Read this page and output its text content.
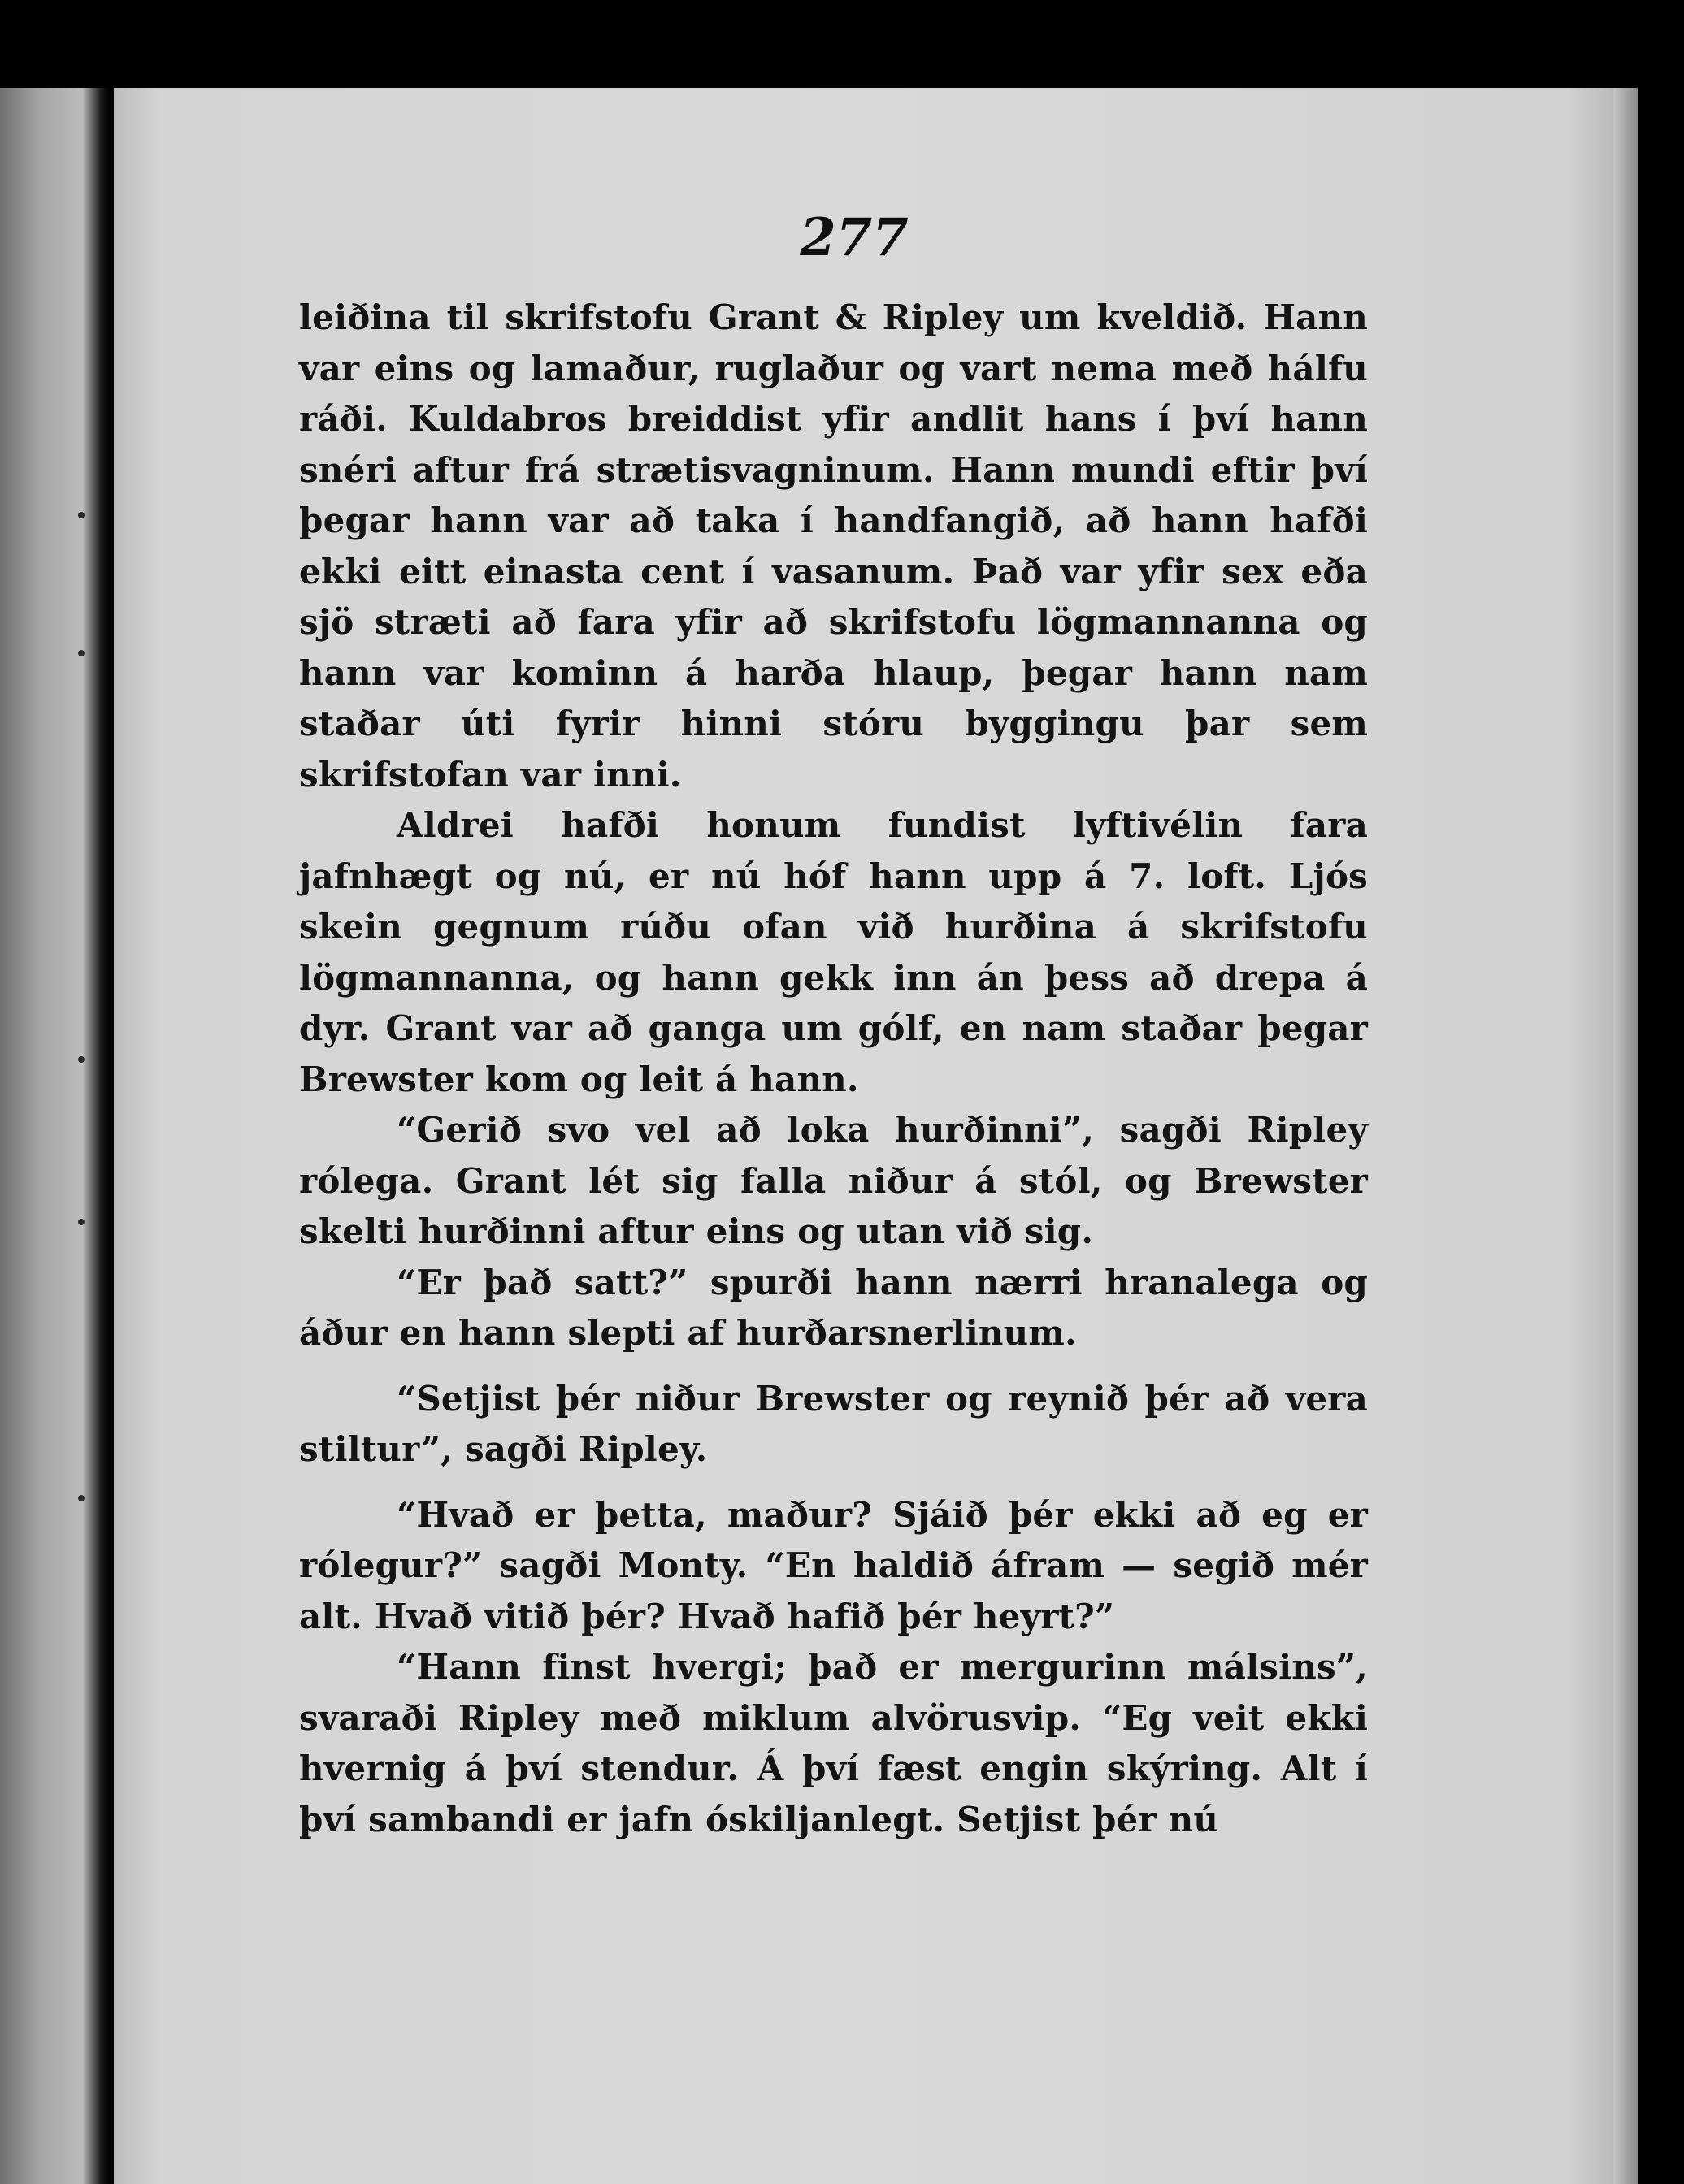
277

leiðina til skrifstofu Grant & Ripley um kveldið. Hann var eins og lamaður, ruglaður og vart nema með hálfu ráði. Kuldabros breiddist yfir andlit hans í því hann snéri aftur frá strætisvagninum. Hann mundi eftir því þegar hann var að taka í handfangið, að hann hafði ekki eitt einasta cent í vasanum. Það var yfir sex eða sjö stræti að fara yfir að skrifstofu lögmannanna og hann var kominn á harða hlaup, þegar hann nam staðar úti fyrir hinni stóru byggingu þar sem skrifstofan var inni.

Aldrei hafði honum fundist lyftivélin fara jafnhægt og nú, er nú hóf hann upp á 7. loft. Ljós skein gegnum rúðu ofan við hurðina á skrifstofu lögmannanna, og hann gekk inn án þess að drepa á dyr. Grant var að ganga um gólf, en nam staðar þegar Brewster kom og leit á hann.

“Gerið svo vel að loka hurðinni”, sagði Ripley rólega. Grant lét sig falla niður á stól, og Brewster skelti hurðinni aftur eins og utan við sig.

“Er það satt?” spurði hann nærri hranalega og áður en hann slepti af hurðarsnerlinum.

“Setjist þér niður Brewster og reynið þér að vera stiltur”, sagði Ripley.

“Hvað er þetta, maður? Sjáið þér ekki að eg er rólegur?” sagði Monty. “En haldið áfram — segið mér alt. Hvað vitið þér? Hvað hafið þér heyrt?”

“Hann finst hvergi; það er mergurinn málsins”, svaraði Ripley með miklum alvörusvip. “Eg veit ekki hvernig á því stendur. Á því fæst engin skýring. Alt í því sambandi er jafn óskiljanlegt. Setjist þér nú
